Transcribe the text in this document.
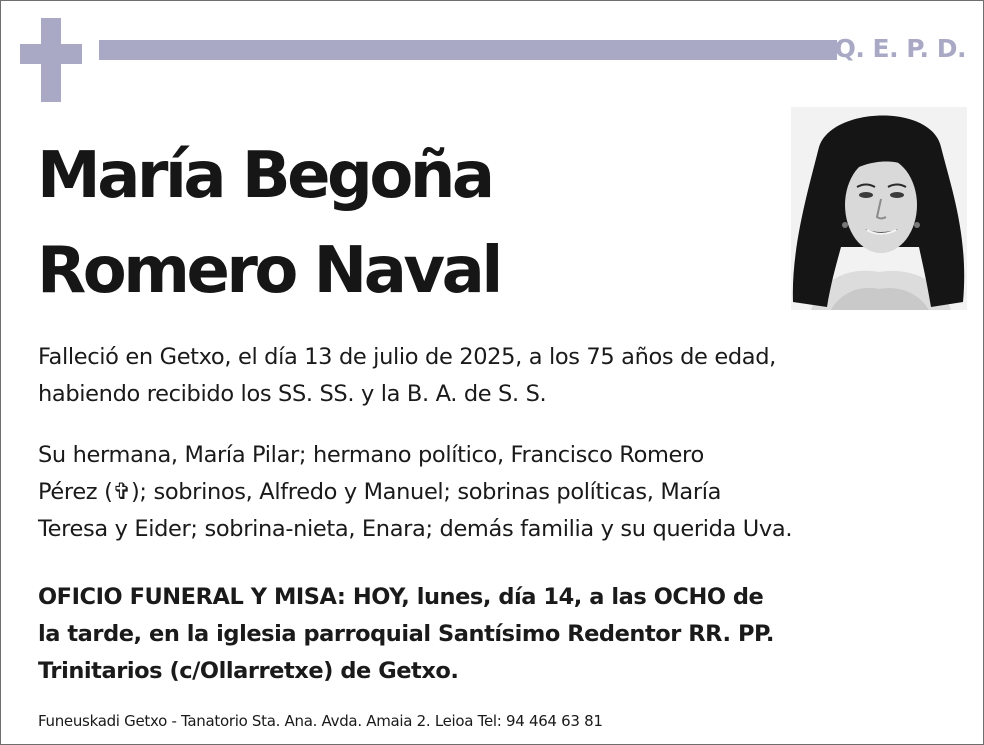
Q. E. P. D.
María Begoña
Romero Naval
Falleció en Getxo, el día 13 de julio de 2025, a los 75 años de edad,
habiendo recibido los SS. SS. y la B. A. de S. S.
Su hermana, María Pilar; hermano político, Francisco Romero
Pérez (✞); sobrinos, Alfredo y Manuel; sobrinas políticas, María
Teresa y Eider; sobrina-nieta, Enara; demás familia y su querida Uva.
OFICIO FUNERAL Y MISA: HOY, lunes, día 14, a las OCHO de
la tarde, en la iglesia parroquial Santísimo Redentor RR. PP.
Trinitarios (c/Ollarretxe) de Getxo.
Funeuskadi Getxo - Tanatorio Sta. Ana. Avda. Amaia 2. Leioa Tel: 94 464 63 81
